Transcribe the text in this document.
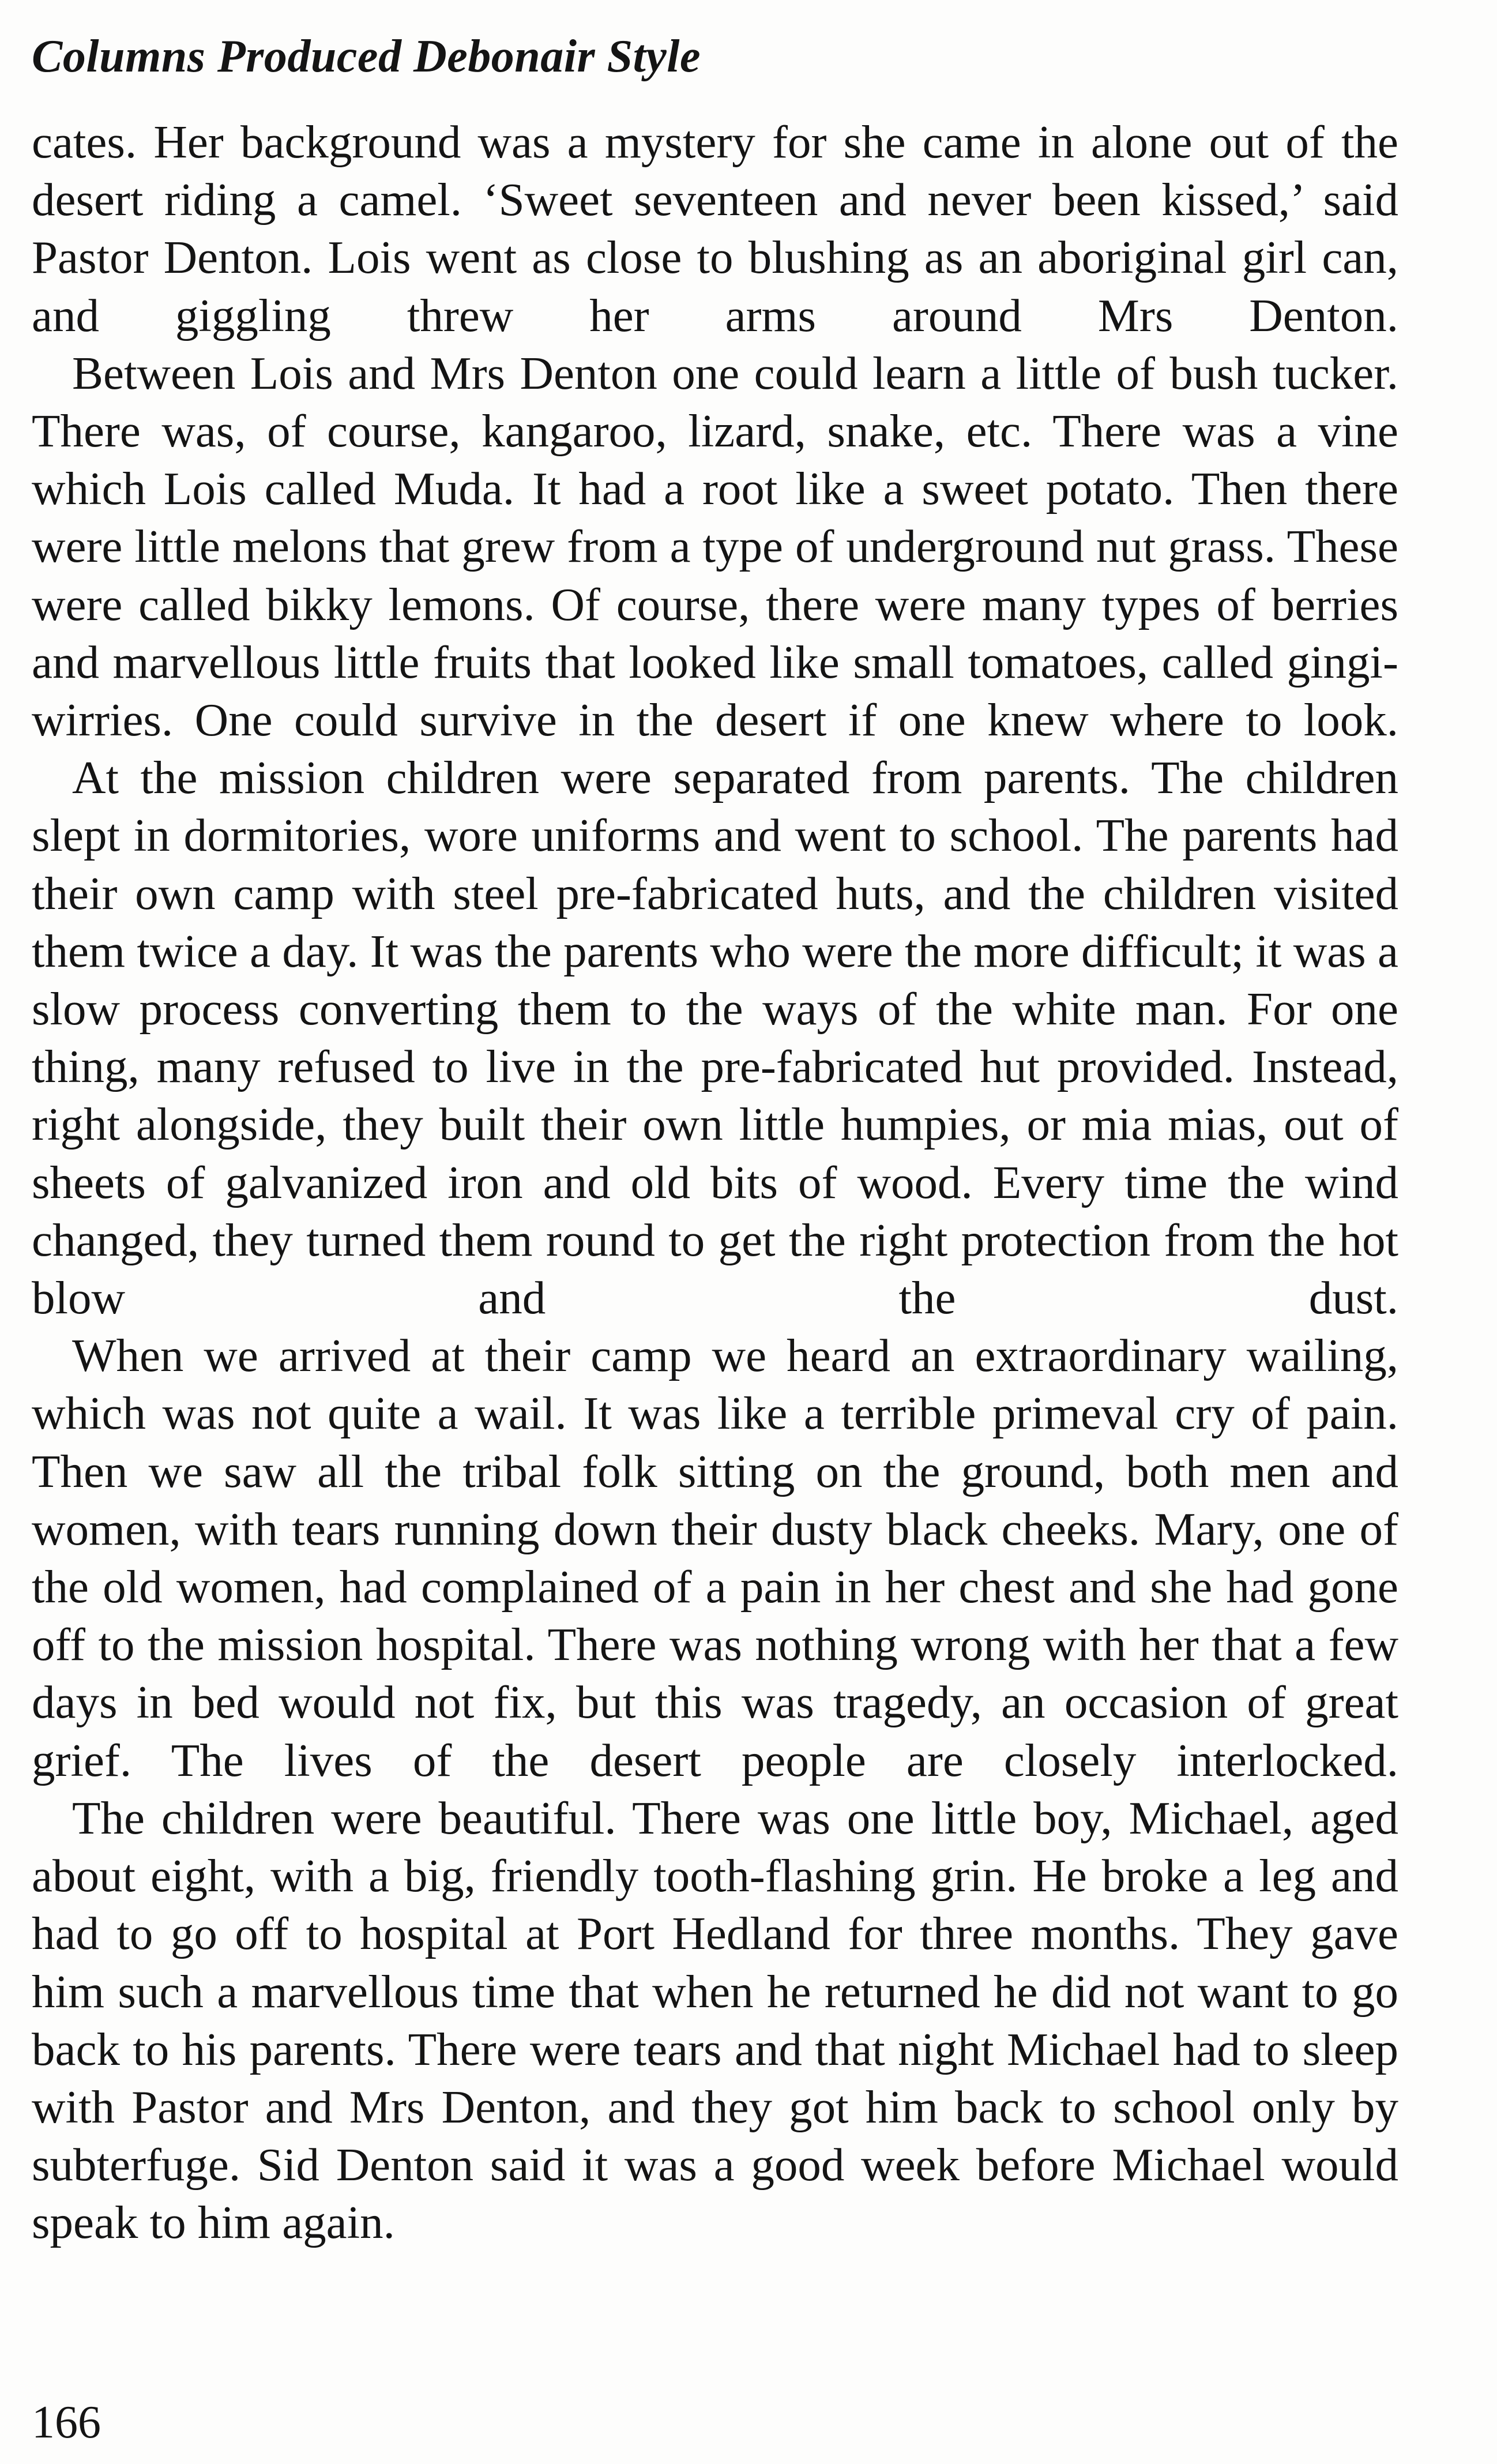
Columns Produced Debonair Style

cates. Her background was a mystery for she came in alone out of the desert riding a camel. ‘Sweet seventeen and never been kissed,’ said Pastor Denton. Lois went as close to blushing as an aboriginal girl can, and giggling threw her arms around Mrs Denton.

Between Lois and Mrs Denton one could learn a little of bush tucker. There was, of course, kangaroo, lizard, snake, etc. There was a vine which Lois called Muda. It had a root like a sweet potato. Then there were little melons that grew from a type of underground nut grass. These were called bikky lemons. Of course, there were many types of berries and marvellous little fruits that looked like small tomatoes, called gingi-wirries. One could survive in the desert if one knew where to look.

At the mission children were separated from parents. The children slept in dormitories, wore uniforms and went to school. The parents had their own camp with steel pre-fabricated huts, and the children visited them twice a day. It was the parents who were the more difficult; it was a slow process converting them to the ways of the white man. For one thing, many refused to live in the pre-fabricated hut provided. Instead, right alongside, they built their own little humpies, or mia mias, out of sheets of galvanized iron and old bits of wood. Every time the wind changed, they turned them round to get the right protection from the hot blow and the dust.

When we arrived at their camp we heard an extraordinary wailing, which was not quite a wail. It was like a terrible primeval cry of pain. Then we saw all the tribal folk sitting on the ground, both men and women, with tears running down their dusty black cheeks. Mary, one of the old women, had complained of a pain in her chest and she had gone off to the mission hospital. There was nothing wrong with her that a few days in bed would not fix, but this was tragedy, an occasion of great grief. The lives of the desert people are closely interlocked.

The children were beautiful. There was one little boy, Michael, aged about eight, with a big, friendly tooth-flashing grin. He broke a leg and had to go off to hospital at Port Hedland for three months. They gave him such a marvellous time that when he returned he did not want to go back to his parents. There were tears and that night Michael had to sleep with Pastor and Mrs Denton, and they got him back to school only by subterfuge. Sid Denton said it was a good week before Michael would speak to him again.

166
